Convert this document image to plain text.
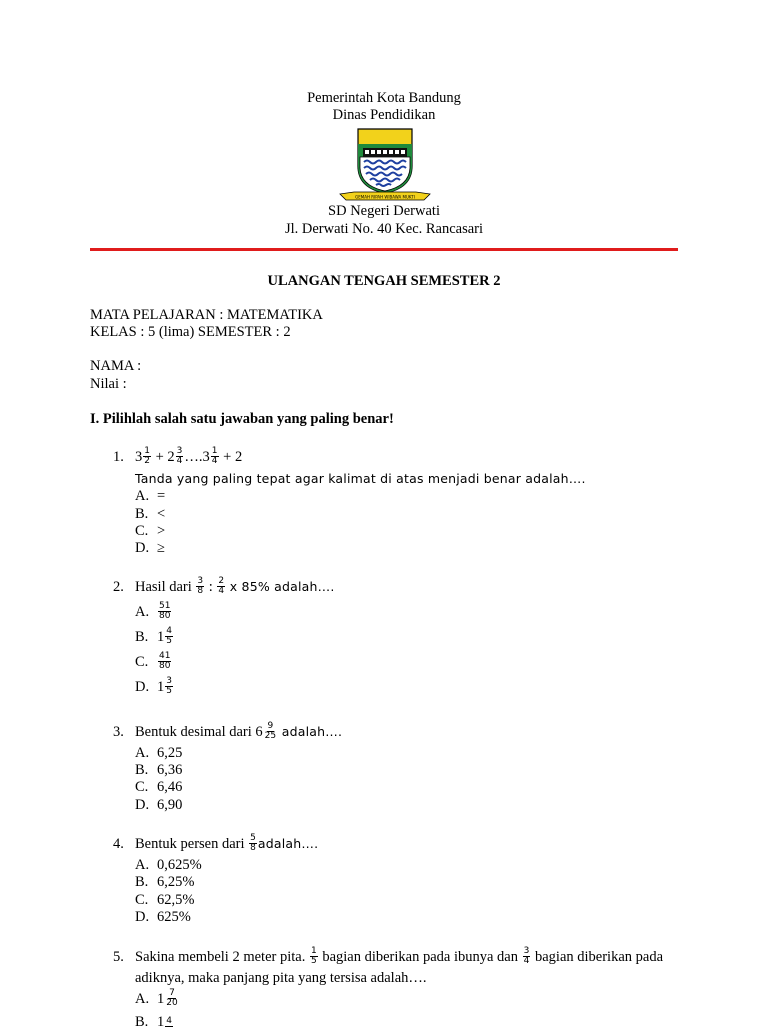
Pemerintah Kota Bandung
Dinas Pendidikan
GEMAH RIPAH WIBAWA MUKTI
SD Negeri Derwati
Jl. Derwati No. 40 Kec. Rancasari
ULANGAN TENGAH SEMESTER 2
MATA PELAJARAN : MATEMATIKA
KELAS : 5 (lima) SEMESTER : 2
NAMA :
Nilai :
I. Pilihlah salah satu jawaban yang paling benar!
1. $3 \frac{1}{2} + 2 \frac{3}{4}$ ….3 $\frac{1}{4} + 2$
Tanda yang paling tepat agar kalimat di atas menjadi benar adalah….
A. =
B. <
C. >
D. ≥
2. Hasil dari $\frac{3}{8}$ : $\frac{2}{4}$ x 85% adalah….
A. $\frac{51}{80}$
B. $1 \frac{4}{5}$
C. $\frac{41}{80}$
D. $1 \frac{3}{5}$
3. Bentuk desimal dari $6 \frac{9}{25}$ adalah….
A. 6,25
B. 6,36
C. 6,46
D. 6,90
4. Bentuk persen dari $\frac{5}{8}$ adalah….
A. 0,625%
B. 6,25%
C. 62,5%
D. 625%
5. Sakina membeli 2 meter pita. $\frac{1}{5}$ bagian diberikan pada ibunya dan $\frac{3}{4}$ bagian diberikan pada
adiknya, maka panjang pita yang tersisa adalah….
A. $1 \frac{7}{20}$
B. 1 4
